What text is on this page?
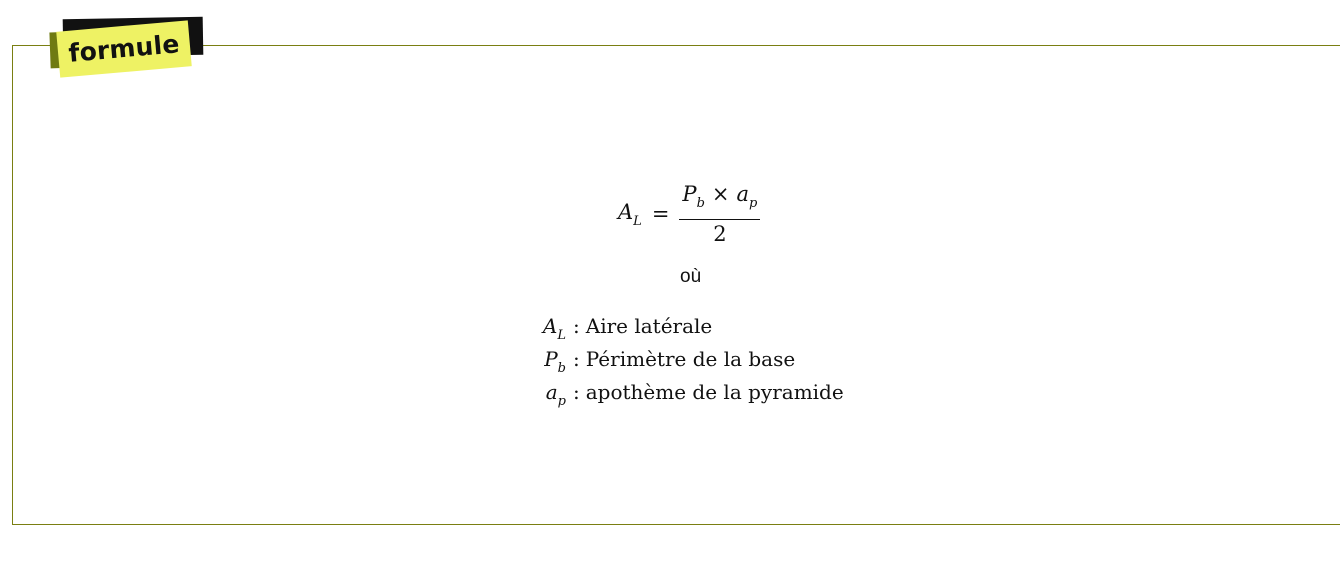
formule
$A_L = \frac{P_b \times a_p}{2}$
où
$A_L$ : Aire latérale
$P_b$ : Périmètre de la base
$a_p$ : apothème de la pyramide
